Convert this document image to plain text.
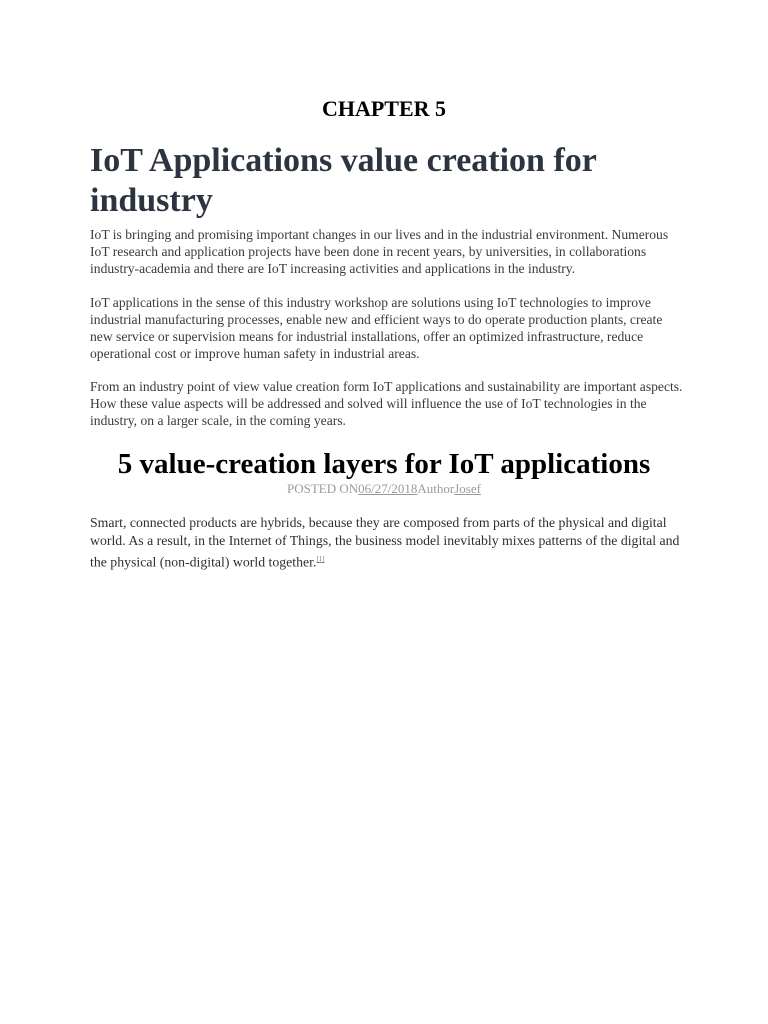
CHAPTER 5
IoT Applications value creation for industry

IoT is bringing and promising important changes in our lives and in the industrial environment. Numerous IoT research and application projects have been done in recent years, by universities, in collaborations industry-academia and there are IoT increasing activities and applications in the industry.

IoT applications in the sense of this industry workshop are solutions using IoT technologies to improve industrial manufacturing processes, enable new and efficient ways to do operate production plants, create new service or supervision means for industrial installations, offer an optimized infrastructure, reduce operational cost or improve human safety in industrial areas.

From an industry point of view value creation form IoT applications and sustainability are important aspects. How these value aspects will be addressed and solved will influence the use of IoT technologies in the industry, on a larger scale, in the coming years.

5 value-creation layers for IoT applications
POSTED ON06/27/2018AuthorJosef

Smart, connected products are hybrids, because they are composed from parts of the physical and digital world. As a result, in the Internet of Things, the business model inevitably mixes patterns of the digital and the physical (non-digital) world together.[1]
